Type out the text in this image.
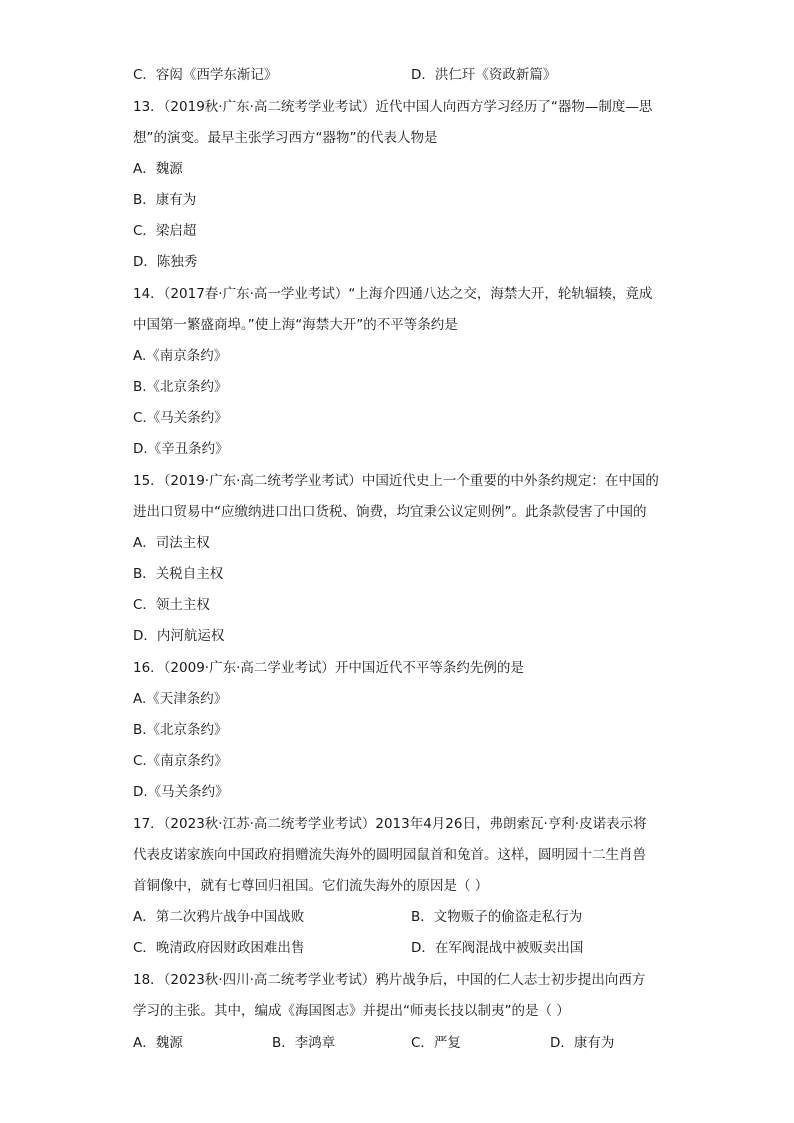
C．容闳《西学东渐记》	D．洪仁玕《资政新篇》
13．（2019秋·广东·高二统考学业考试）近代中国人向西方学习经历了“器物—制度—思
想”的演变。最早主张学习西方“器物”的代表人物是
A．魏源
B．康有为
C．梁启超
D．陈独秀
14．（2017春·广东·高一学业考试）“上海介四通八达之交，海禁大开，轮轨辐辏，竟成
中国第一繁盛商埠。”使上海“海禁大开”的不平等条约是
A.《南京条约》
B.《北京条约》
C.《马关条约》
D.《辛丑条约》
15．（2019·广东·高二统考学业考试）中国近代史上一个重要的中外条约规定：在中国的
进出口贸易中“应缴纳进口出口货税、饷费，均宜秉公议定则例”。此条款侵害了中国的
A．司法主权
B．关税自主权
C．领土主权
D．内河航运权
16．（2009·广东·高二学业考试）开中国近代不平等条约先例的是
A.《天津条约》
B.《北京条约》
C.《南京条约》
D.《马关条约》
17．（2023秋·江苏·高二统考学业考试）2013年4月26日，弗朗索瓦·亨利·皮诺表示将
代表皮诺家族向中国政府捐赠流失海外的圆明园鼠首和兔首。这样，圆明园十二生肖兽
首铜像中，就有七尊回归祖国。它们流失海外的原因是（ ）
A．第二次鸦片战争中国战败	B．文物贩子的偷盗走私行为
C．晚清政府因财政困难出售	D．在军阀混战中被贩卖出国
18．（2023秋·四川·高二统考学业考试）鸦片战争后，中国的仁人志士初步提出向西方
学习的主张。其中，编成《海国图志》并提出“师夷长技以制夷”的是（ ）
A．魏源	B．李鸿章	C．严复	D．康有为
